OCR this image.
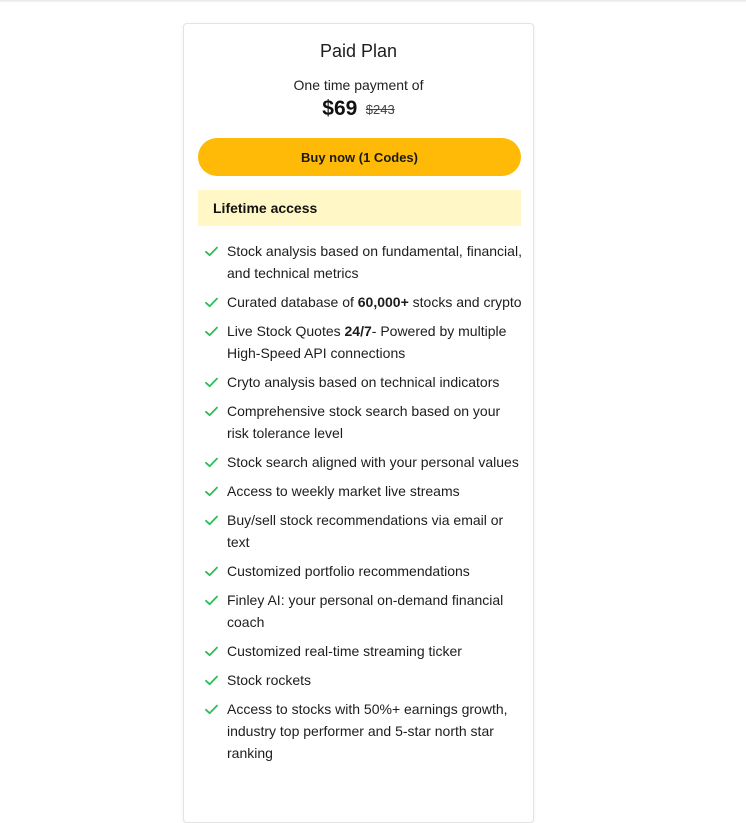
Paid Plan
One time payment of
$69 $243
Buy now (1 Codes)
Lifetime access
Stock analysis based on fundamental, financial, and technical metrics
Curated database of 60,000+ stocks and crypto
Live Stock Quotes 24/7- Powered by multiple High-Speed API connections
Cryto analysis based on technical indicators
Comprehensive stock search based on your risk tolerance level
Stock search aligned with your personal values
Access to weekly market live streams
Buy/sell stock recommendations via email or text
Customized portfolio recommendations
Finley AI: your personal on-demand financial coach
Customized real-time streaming ticker
Stock rockets
Access to stocks with 50%+ earnings growth, industry top performer and 5-star north star ranking
